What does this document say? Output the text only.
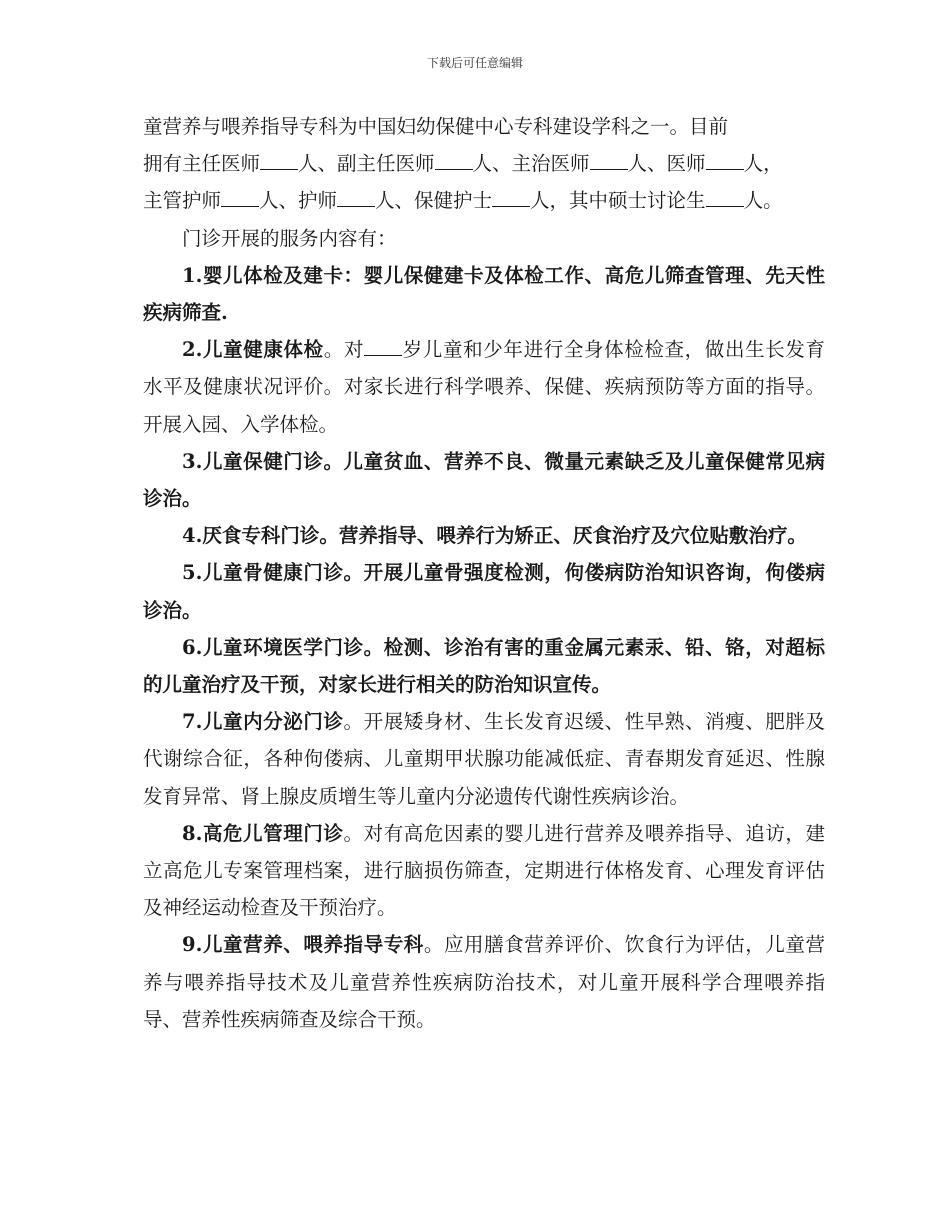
下载后可任意编辑

童营养与喂养指导专科为中国妇幼保健中心专科建设学科之一。目前

拥有主任医师 人、副主任医师 人、主治医师 人、医师 人，
主管护师 人、护师 人、保健护士 人，其中硕士讨论生 人。

门诊开展的服务内容有：

1.婴儿体检及建卡：婴儿保健建卡及体检工作、高危儿筛查管理、先天性疾病筛查.

2.儿童健康体检。对 岁儿童和少年进行全身体检检查，做出生长发育水平及健康状况评价。对家长进行科学喂养、保健、疾病预防等方面的指导。开展入园、入学体检。

3.儿童保健门诊。儿童贫血、营养不良、微量元素缺乏及儿童保健常见病诊治。

4.厌食专科门诊。营养指导、喂养行为矫正、厌食治疗及穴位贴敷治疗。

5.儿童骨健康门诊。开展儿童骨强度检测，佝偻病防治知识咨询，佝偻病诊治。

6.儿童环境医学门诊。检测、诊治有害的重金属元素汞、铅、铬，对超标的儿童治疗及干预，对家长进行相关的防治知识宣传。

7.儿童内分泌门诊。开展矮身材、生长发育迟缓、性早熟、消瘦、肥胖及代谢综合征，各种佝偻病、儿童期甲状腺功能减低症、青春期发育延迟、性腺发育异常、肾上腺皮质增生等儿童内分泌遗传代谢性疾病诊治。

8.高危儿管理门诊。对有高危因素的婴儿进行营养及喂养指导、追访，建立高危儿专案管理档案，进行脑损伤筛查，定期进行体格发育、心理发育评估及神经运动检查及干预治疗。

9.儿童营养、喂养指导专科。应用膳食营养评价、饮食行为评估，儿童营养与喂养指导技术及儿童营养性疾病防治技术，对儿童开展科学合理喂养指导、营养性疾病筛查及综合干预。
